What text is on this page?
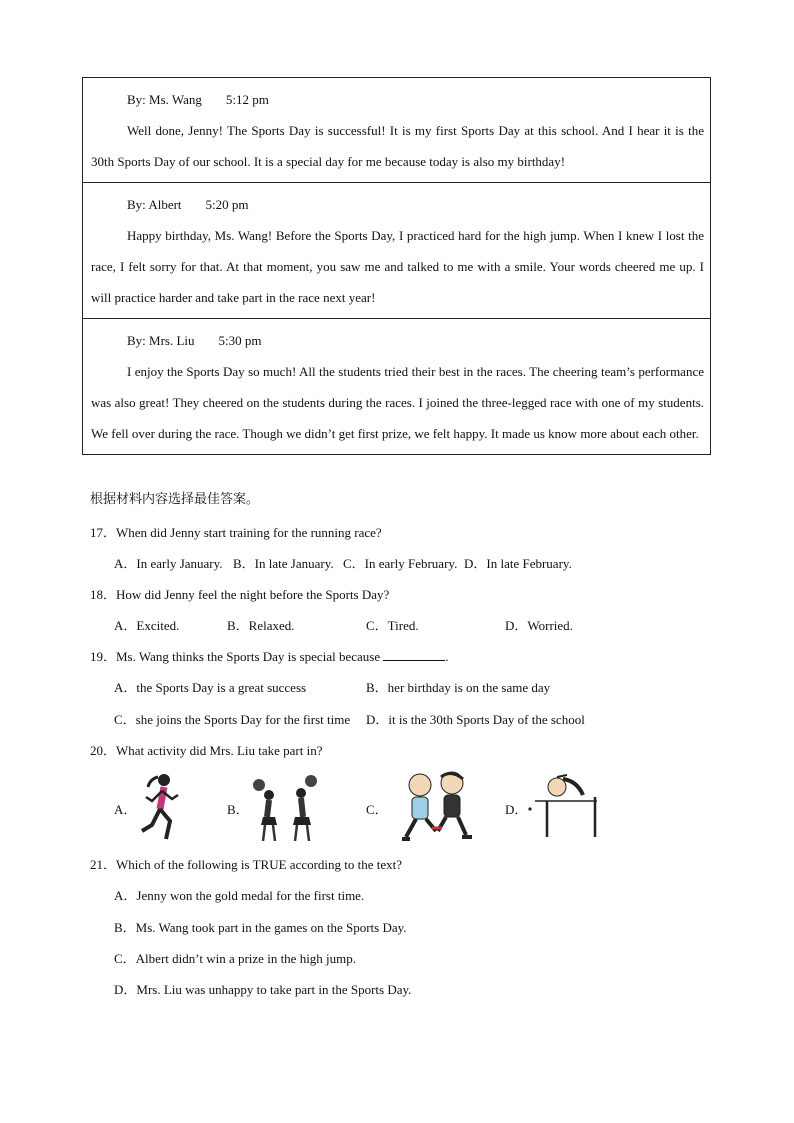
By: Ms. Wang 5:12 pm
Well done, Jenny! The Sports Day is successful! It is my first Sports Day at this school. And I hear it is the 30th Sports Day of our school. It is a special day for me because today is also my birthday!
By: Albert 5:20 pm
Happy birthday, Ms. Wang! Before the Sports Day, I practiced hard for the high jump. When I knew I lost the race, I felt sorry for that. At that moment, you saw me and talked to me with a smile. Your words cheered me up. I will practice harder and take part in the race next year!
By: Mrs. Liu 5:30 pm
I enjoy the Sports Day so much! All the students tried their best in the races. The cheering team’s performance was also great! They cheered on the students during the races. I joined the three-legged race with one of my students. We fell over during the race. Though we didn’t get first prize, we felt happy. It made us know more about each other.
根据材料内容选择最佳答案。
17．When did Jenny start training for the running race?
A．In early January. B．In late January. C．In early February. D．In late February.
18．How did Jenny feel the night before the Sports Day?
A．Excited.	B．Relaxed.	C．Tired.	D．Worried.
19．Ms. Wang thinks the Sports Day is special because	.
A．the Sports Day is a great success	B．her birthday is on the same day
C．she joins the Sports Day for the first time D．it is the 30th Sports Day of the school
20．What activity did Mrs. Liu take part in?
A．	B．	C．	D．
21．Which of the following is TRUE according to the text?
A．Jenny won the gold medal for the first time.
B．Ms. Wang took part in the games on the Sports Day.
C．Albert didn’t win a prize in the high jump.
D．Mrs. Liu was unhappy to take part in the Sports Day.
